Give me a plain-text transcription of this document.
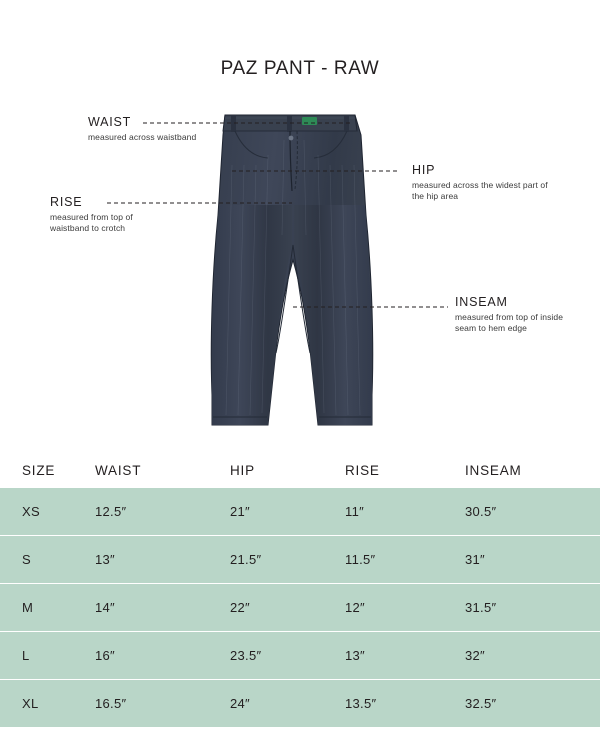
PAZ PANT - RAW
WAIST
measured across waistband
HIP
measured across the widest part of the hip area
RISE
measured from top of waistband to crotch
INSEAM
measured from top of inside seam to hem edge
SIZE	WAIST	HIP	RISE	INSEAM
XS	12.5″	21″	11″	30.5″
S	13″	21.5″	11.5″	31″
M	14″	22″	12″	31.5″
L	16″	23.5″	13″	32″
XL	16.5″	24″	13.5″	32.5″
